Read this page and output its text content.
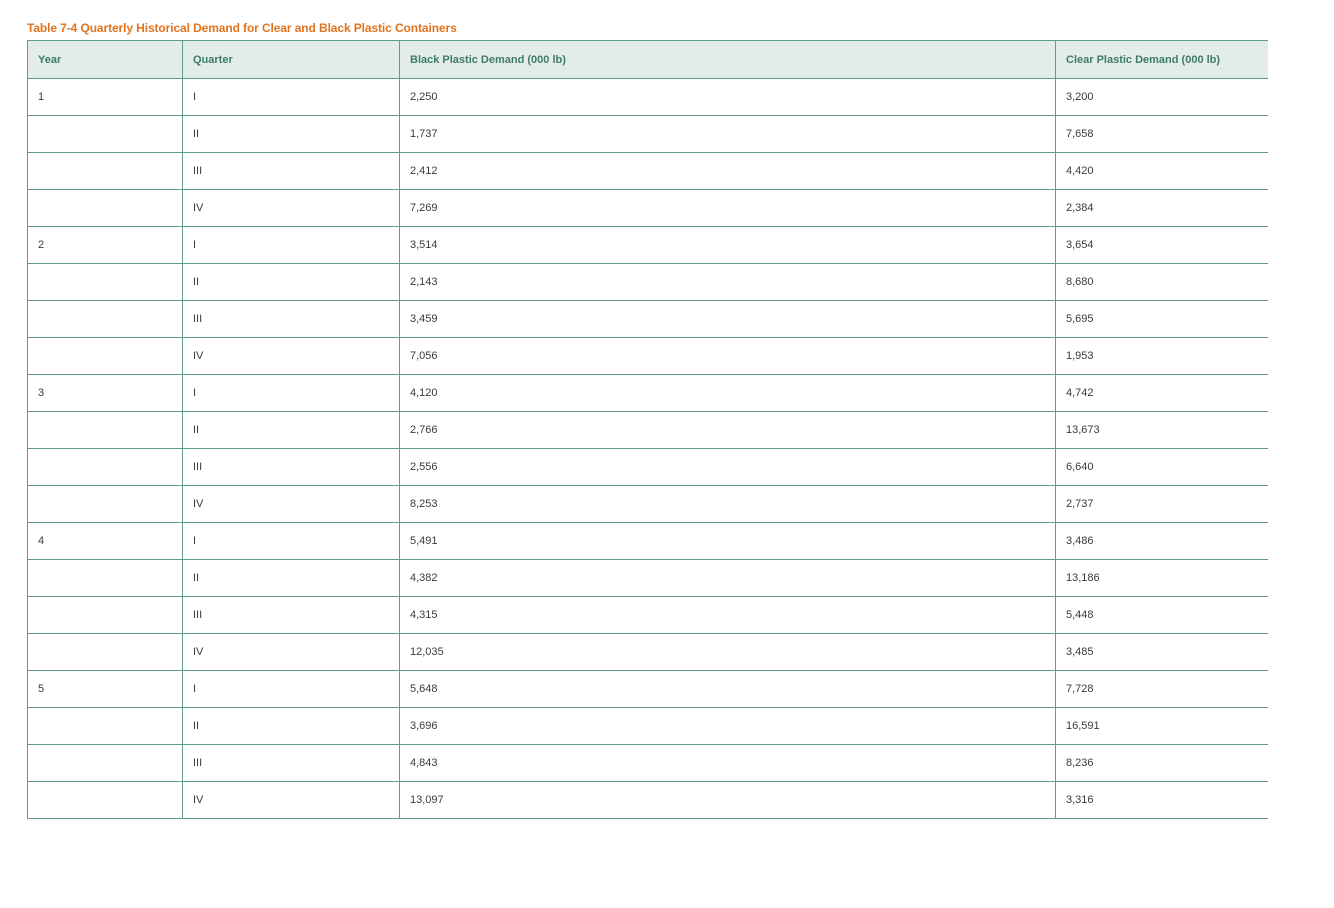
Table 7-4 Quarterly Historical Demand for Clear and Black Plastic Containers
Year	Quarter	Black Plastic Demand (000 lb)	Clear Plastic Demand (000 lb)
1	I	2,250	3,200
	II	1,737	7,658
	III	2,412	4,420
	IV	7,269	2,384
2	I	3,514	3,654
	II	2,143	8,680
	III	3,459	5,695
	IV	7,056	1,953
3	I	4,120	4,742
	II	2,766	13,673
	III	2,556	6,640
	IV	8,253	2,737
4	I	5,491	3,486
	II	4,382	13,186
	III	4,315	5,448
	IV	12,035	3,485
5	I	5,648	7,728
	II	3,696	16,591
	III	4,843	8,236
	IV	13,097	3,316
